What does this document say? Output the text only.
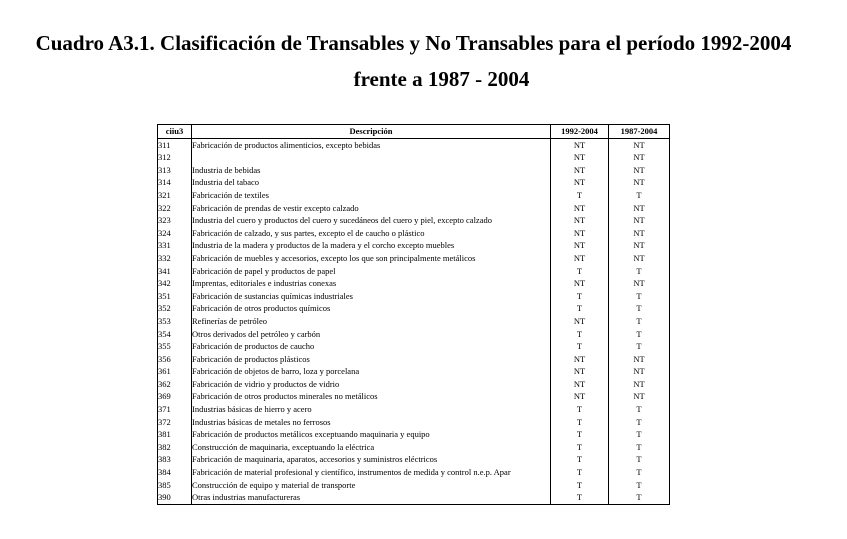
Cuadro A3.1. Clasificación de Transables y No Transables para el período 1992-2004
frente a 1987 - 2004
ciiu3	Descripción	1992-2004	1987-2004
311	Fabricación de productos alimenticios, excepto bebidas	NT	NT
312		NT	NT
313	Industria de bebidas	NT	NT
314	Industria del tabaco	NT	NT
321	Fabricación de textiles	T	T
322	Fabricación de prendas de vestir excepto calzado	NT	NT
323	Industria del cuero y productos del cuero y sucedáneos del cuero y piel, excepto calzado	NT	NT
324	Fabricación de calzado, y sus partes, excepto el de caucho o plástico	NT	NT
331	Industria de la madera y productos de la madera y el corcho excepto muebles	NT	NT
332	Fabricación de muebles y accesorios, excepto los que son principalmente metálicos	NT	NT
341	Fabricación de papel y productos de papel	T	T
342	Imprentas, editoriales e industrias conexas	NT	NT
351	Fabricación de sustancias químicas industriales	T	T
352	Fabricación de otros productos químicos	T	T
353	Refinerías de petróleo	NT	T
354	Otros derivados del petróleo y carbón	T	T
355	Fabricación de productos de caucho	T	T
356	Fabricación de productos plásticos	NT	NT
361	Fabricación de objetos de barro, loza y porcelana	NT	NT
362	Fabricación de vidrio y productos de vidrio	NT	NT
369	Fabricación de otros productos minerales no metálicos	NT	NT
371	Industrias básicas de hierro y acero	T	T
372	Industrias básicas de metales no ferrosos	T	T
381	Fabricación de productos metálicos exceptuando maquinaria y equipo	T	T
382	Construcción de maquinaria, exceptuando la eléctrica	T	T
383	Fabricación de maquinaria, aparatos, accesorios y suministros eléctricos	T	T
384	Fabricación de material profesional y científico, instrumentos de medida y control n.e.p. Apar	T	T
385	Construcción de equipo y material de transporte	T	T
390	Otras industrias manufactureras	T	T
